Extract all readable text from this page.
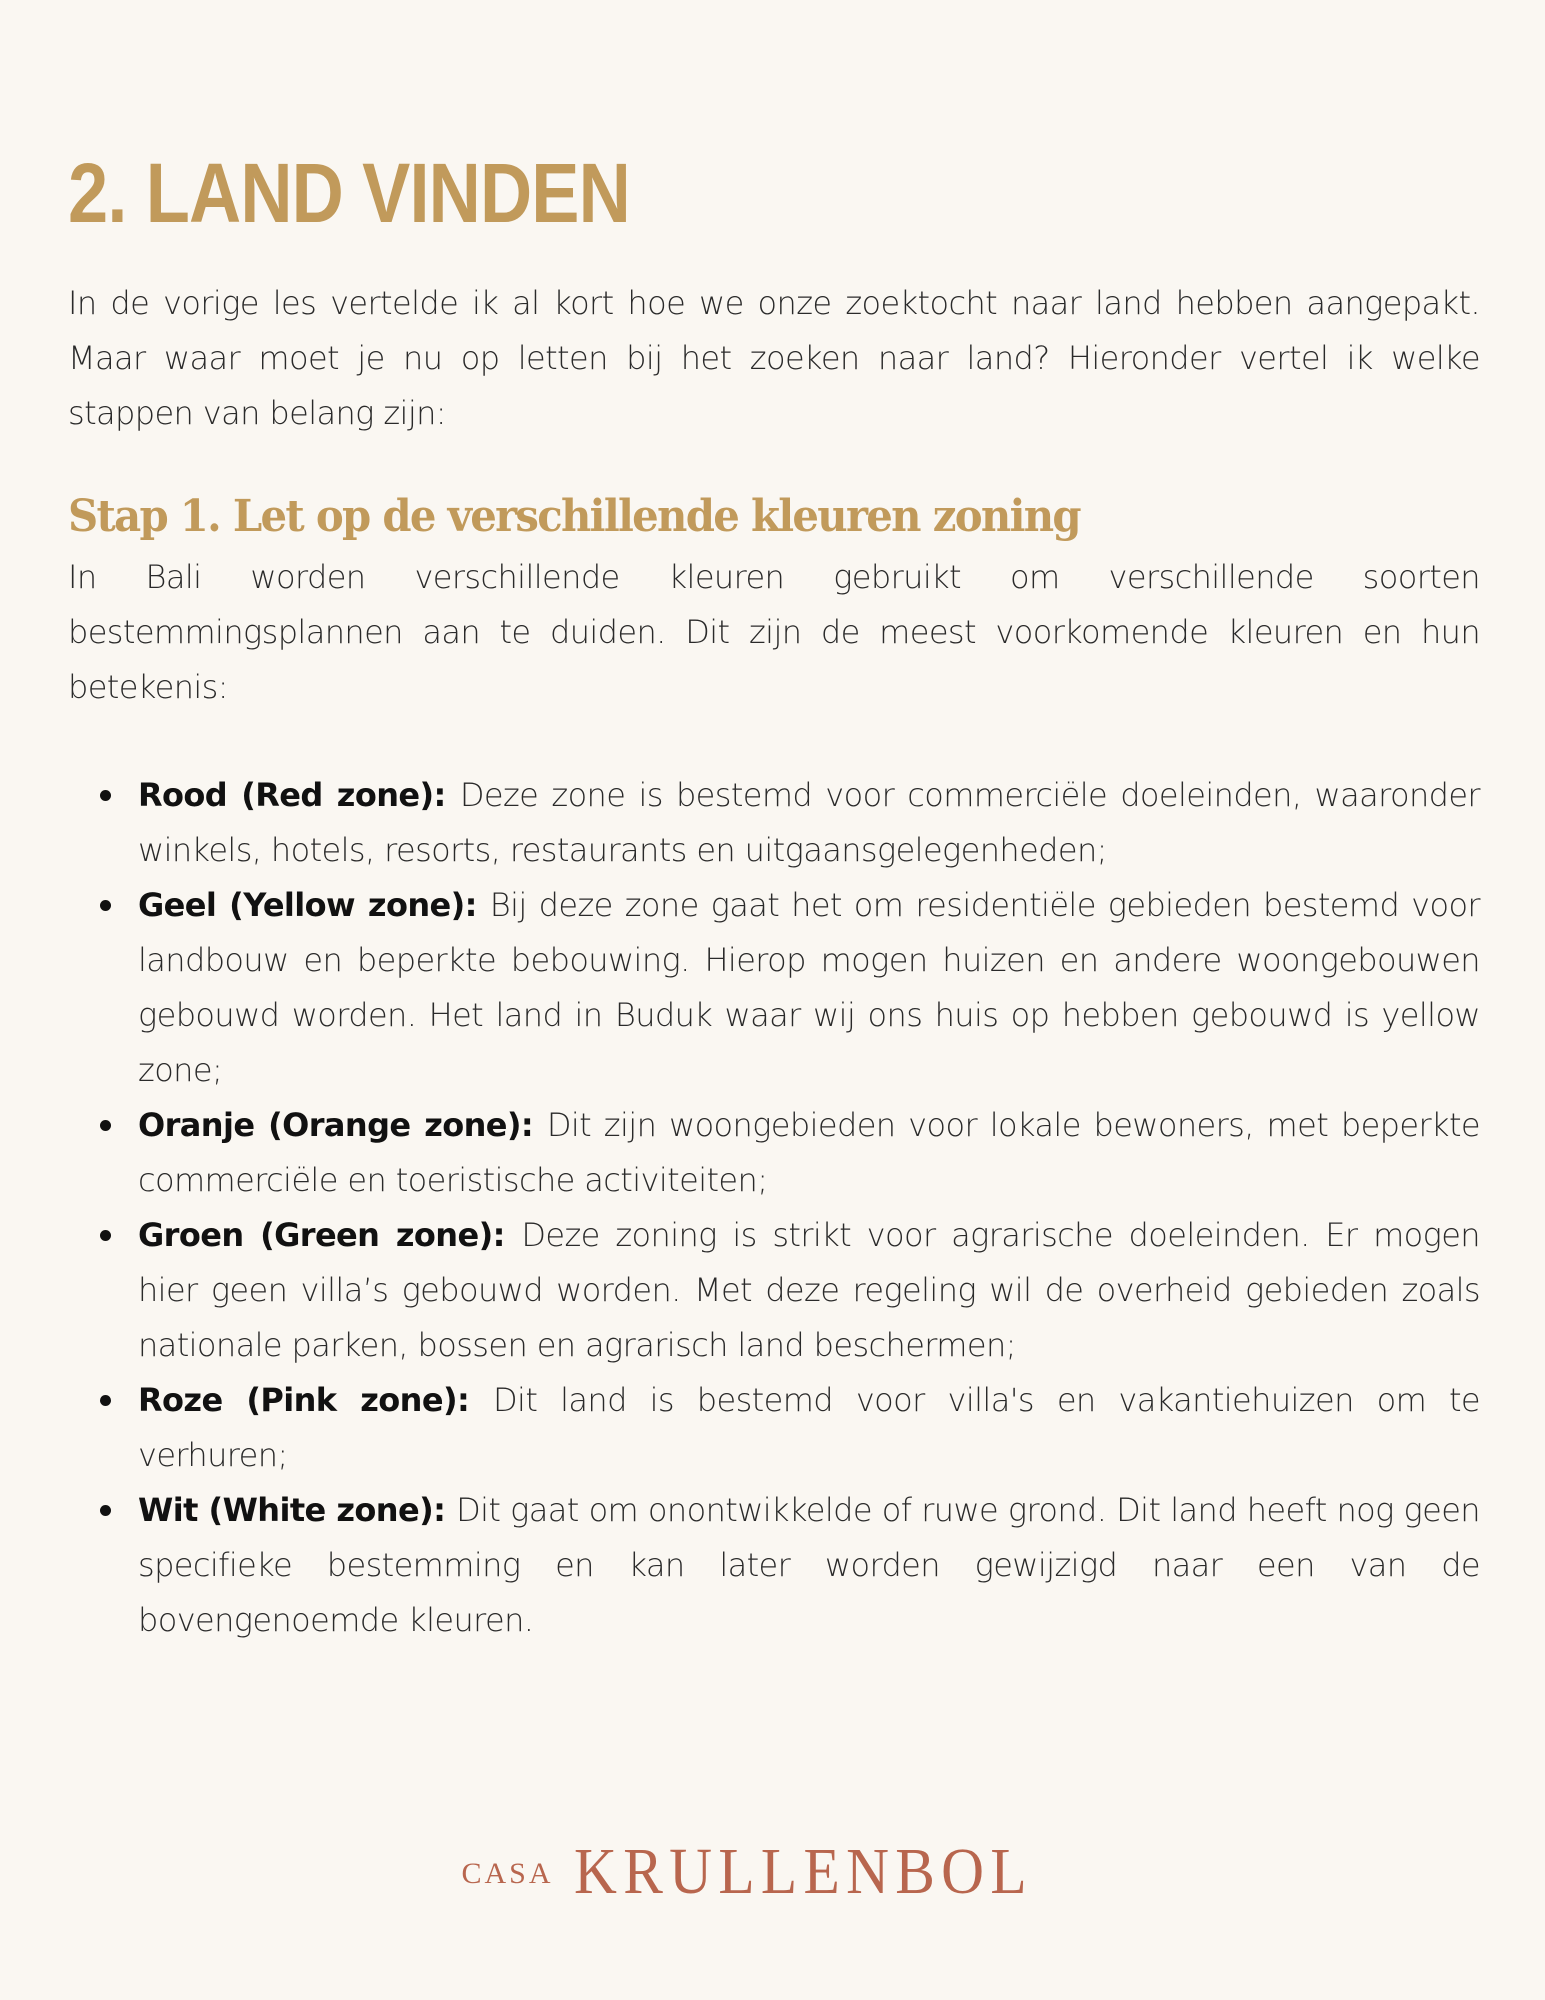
2. LAND VINDEN

In de vorige les vertelde ik al kort hoe we onze zoektocht naar land hebben aangepakt. Maar waar moet je nu op letten bij het zoeken naar land? Hieronder vertel ik welke stappen van belang zijn:

Stap 1. Let op de verschillende kleuren zoning

In Bali worden verschillende kleuren gebruikt om verschillende soorten bestemmingsplannen aan te duiden. Dit zijn de meest voorkomende kleuren en hun betekenis:

Rood (Red zone): Deze zone is bestemd voor commerciële doeleinden, waaronder winkels, hotels, resorts, restaurants en uitgaansgelegenheden;
Geel (Yellow zone): Bij deze zone gaat het om residentiële gebieden bestemd voor landbouw en beperkte bebouwing. Hierop mogen huizen en andere woongebouwen gebouwd worden. Het land in Buduk waar wij ons huis op hebben gebouwd is yellow zone;
Oranje (Orange zone): Dit zijn woongebieden voor lokale bewoners, met beperkte commerciële en toeristische activiteiten;
Groen (Green zone): Deze zoning is strikt voor agrarische doeleinden. Er mogen hier geen villa’s gebouwd worden. Met deze regeling wil de overheid gebieden zoals nationale parken, bossen en agrarisch land beschermen;
Roze (Pink zone): Dit land is bestemd voor villa's en vakantiehuizen om te verhuren;
Wit (White zone): Dit gaat om onontwikkelde of ruwe grond. Dit land heeft nog geen specifieke bestemming en kan later worden gewijzigd naar een van de bovengenoemde kleuren.
CASA KRULLENBOL
